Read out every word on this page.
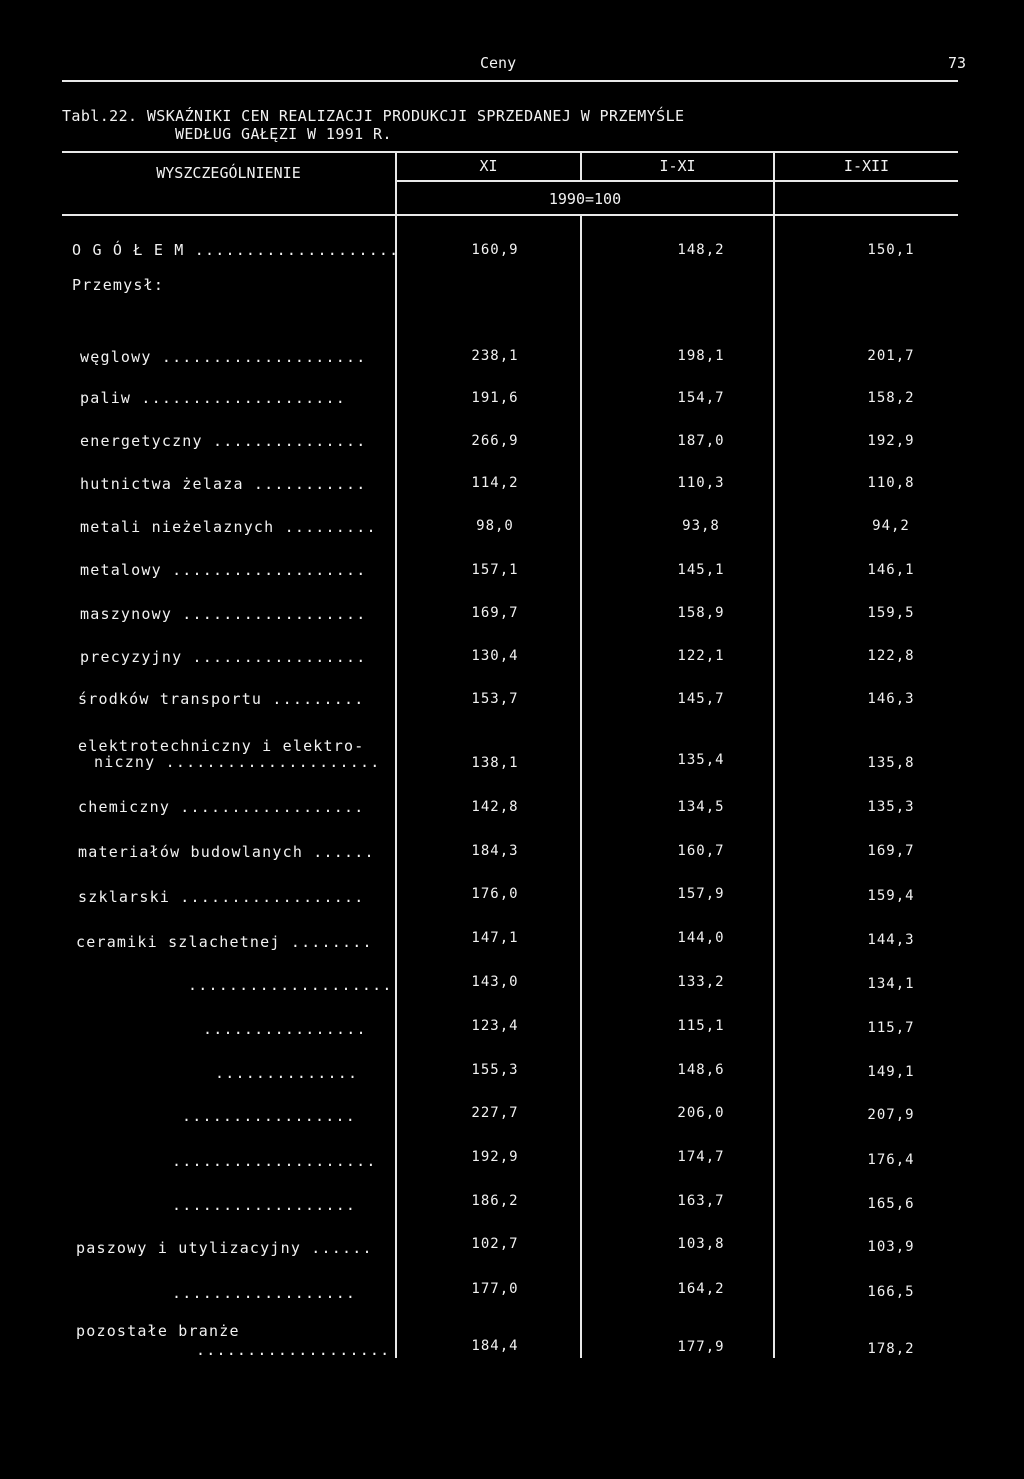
Ceny	73
Tabl.22. WSKAŹNIKI CEN REALIZACJI PRODUKCJI SPRZEDANEJ W PRZEMYŚLE
WEDŁUG GAŁĘZI W 1991 R.
WYSZCZEGÓLNIENIE	XI	I-XI	I-XII
1990=100
O G Ó Ł E M ....................	160,9	148,2	150,1
Przemysł:
węglowy ....................	238,1	198,1	201,7
paliw ....................	191,6	154,7	158,2
energetyczny ...............	266,9	187,0	192,9
hutnictwa żelaza ...........	114,2	110,3	110,8
metali nieżelaznych .........	98,0	93,8	94,2
metalowy ...................	157,1	145,1	146,1
maszynowy ..................	169,7	158,9	159,5
precyzyjny .................	130,4	122,1	122,8
środków transportu .........	153,7	145,7	146,3
elektrotechniczny i elektro-
niczny .....................	138,1	135,4	135,8
chemiczny ..................	142,8	134,5	135,3
materiałów budowlanych ......	184,3	160,7	169,7
szklarski ..................	176,0	157,9	159,4
ceramiki szlachetnej ........	147,1	144,0	144,3
....................	143,0	133,2	134,1
................	123,4	115,1	115,7
..............	155,3	148,6	149,1
.................	227,7	206,0	207,9
....................	192,9	174,7	176,4
..................	186,2	163,7	165,6
paszowy i utylizacyjny ......	102,7	103,8	103,9
..................	177,0	164,2	166,5
pozostałe branże
...................	184,4	177,9	178,2
